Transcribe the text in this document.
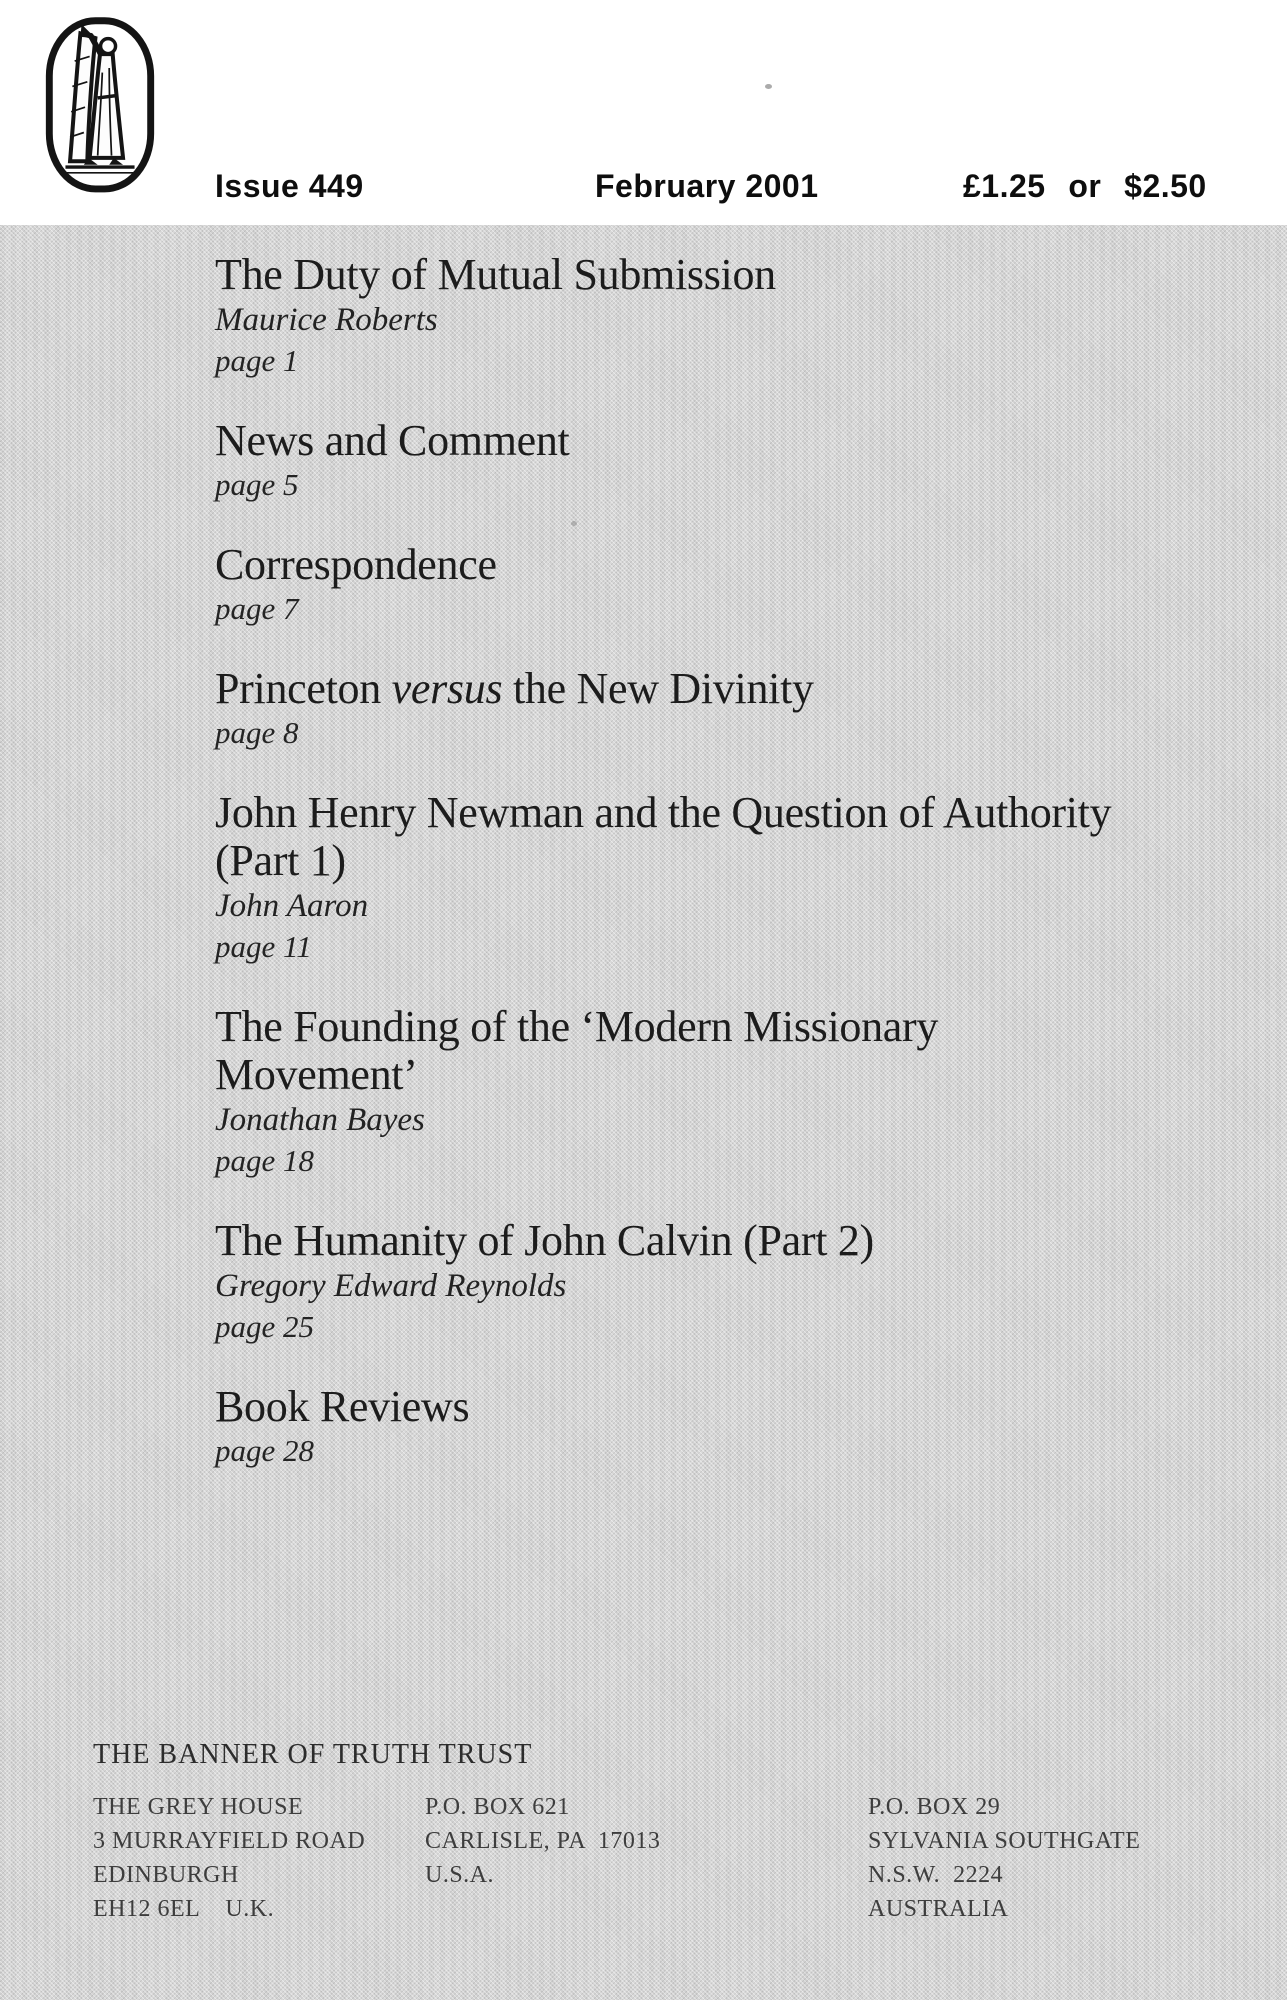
Issue 449	February 2001	£1.25  or  $2.50
The Duty of Mutual Submission
Maurice Roberts
page 1
News and Comment
page 5
Correspondence
page 7
Princeton versus the New Divinity
page 8
John Henry Newman and the Question of Authority (Part 1)
John Aaron
page 11
The Founding of the ‘Modern Missionary Movement’
Jonathan Bayes
page 18
The Humanity of John Calvin (Part 2)
Gregory Edward Reynolds
page 25
Book Reviews
page 28
THE BANNER OF TRUTH TRUST
THE GREY HOUSE
3 MURRAYFIELD ROAD
EDINBURGH
EH12 6EL    U.K.
P.O. BOX 621
CARLISLE, PA  17013
U.S.A.
P.O. BOX 29
SYLVANIA SOUTHGATE
N.S.W.  2224
AUSTRALIA
